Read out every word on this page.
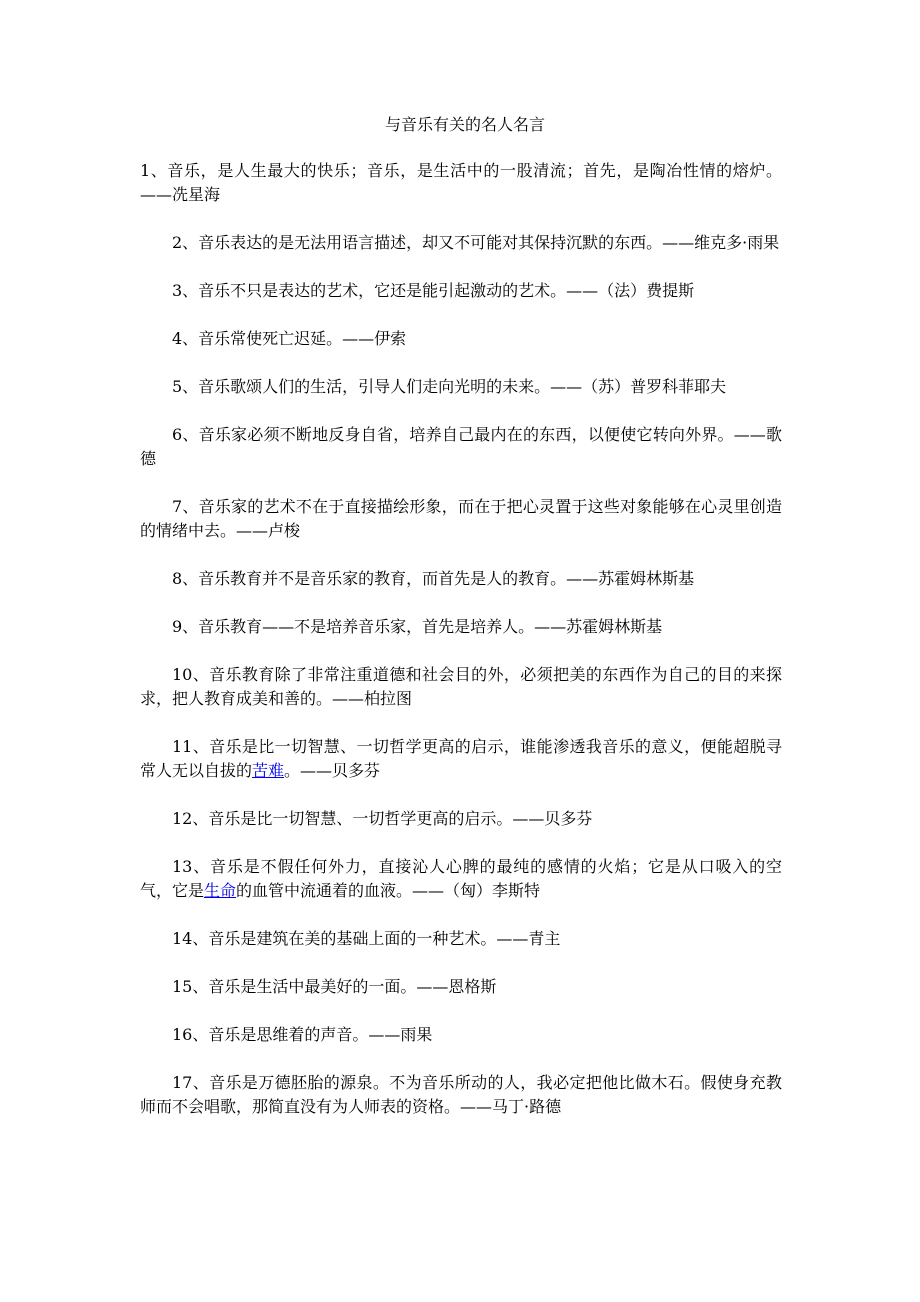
与音乐有关的名人名言

1、音乐，是人生最大的快乐；音乐，是生活中的一股清流；首先，是陶冶性情的熔炉。——冼星海

2、音乐表达的是无法用语言描述，却又不可能对其保持沉默的东西。——维克多·雨果

3、音乐不只是表达的艺术，它还是能引起激动的艺术。——（法）费提斯

4、音乐常使死亡迟延。——伊索

5、音乐歌颂人们的生活，引导人们走向光明的未来。——（苏）普罗科菲耶夫

6、音乐家必须不断地反身自省，培养自己最内在的东西，以便使它转向外界。——歌德

7、音乐家的艺术不在于直接描绘形象，而在于把心灵置于这些对象能够在心灵里创造的情绪中去。——卢梭

8、音乐教育并不是音乐家的教育，而首先是人的教育。——苏霍姆林斯基

9、音乐教育——不是培养音乐家，首先是培养人。——苏霍姆林斯基

10、音乐教育除了非常注重道德和社会目的外，必须把美的东西作为自己的目的来探求，把人教育成美和善的。——柏拉图

11、音乐是比一切智慧、一切哲学更高的启示，谁能渗透我音乐的意义，便能超脱寻常人无以自拔的苦难。——贝多芬

12、音乐是比一切智慧、一切哲学更高的启示。——贝多芬

13、音乐是不假任何外力，直接沁人心脾的最纯的感情的火焰；它是从口吸入的空气，它是生命的血管中流通着的血液。——（匈）李斯特

14、音乐是建筑在美的基础上面的一种艺术。——青主

15、音乐是生活中最美好的一面。——恩格斯

16、音乐是思维着的声音。——雨果

17、音乐是万德胚胎的源泉。不为音乐所动的人，我必定把他比做木石。假使身充教师而不会唱歌，那简直没有为人师表的资格。——马丁·路德
